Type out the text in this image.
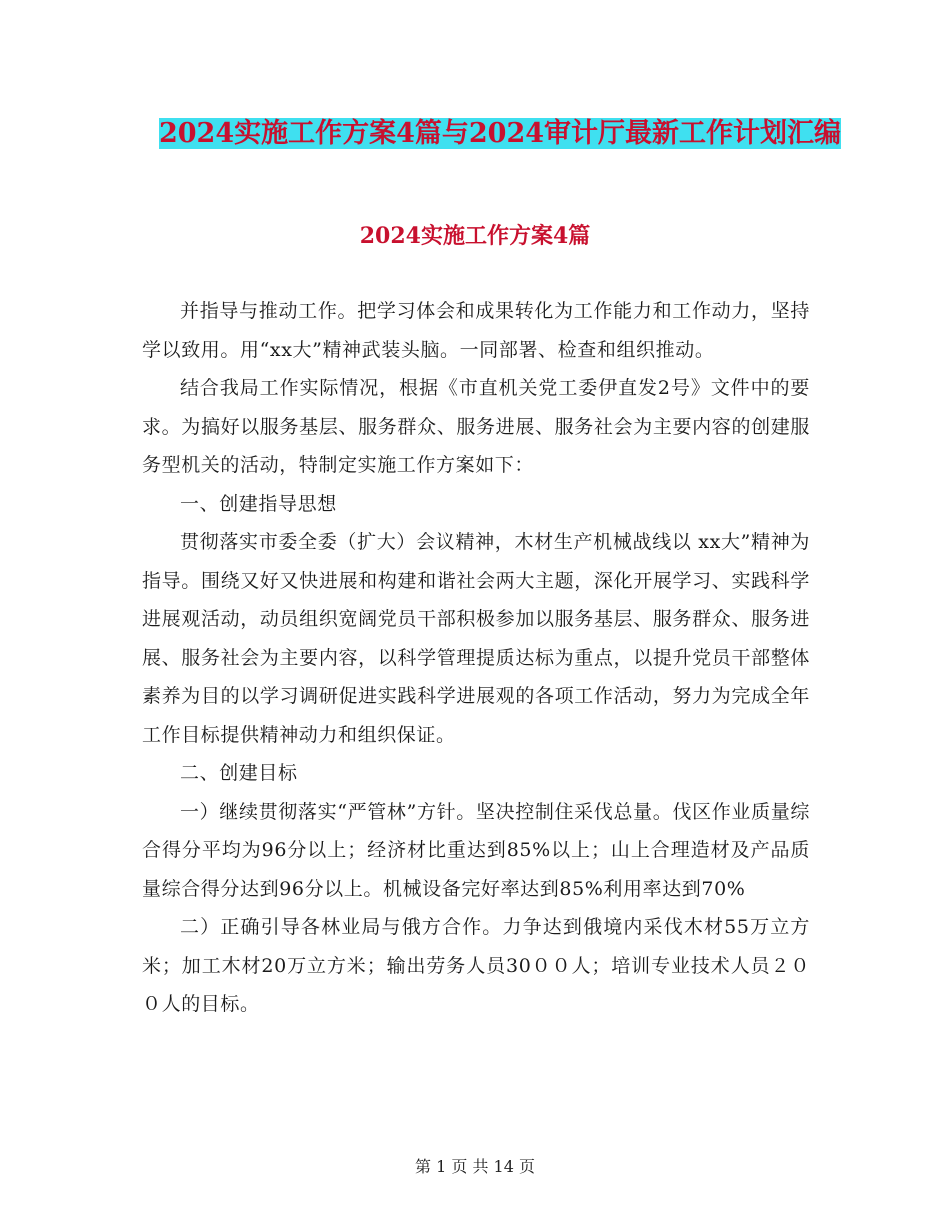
2024实施工作方案4篇与2024审计厅最新工作计划汇编
2024实施工作方案4篇

并指导与推动工作。把学习体会和成果转化为工作能力和工作动力，坚持学以致用。用“xx大”精神武装头脑。一同部署、检查和组织推动。

结合我局工作实际情况，根据《市直机关党工委伊直发2号》文件中的要求。为搞好以服务基层、服务群众、服务进展、服务社会为主要内容的创建服务型机关的活动，特制定实施工作方案如下：

一、创建指导思想

贯彻落实市委全委（扩大）会议精神，木材生产机械战线以 xx大”精神为指导。围绕又好又快进展和构建和谐社会两大主题，深化开展学习、实践科学进展观活动，动员组织宽阔党员干部积极参加以服务基层、服务群众、服务进展、服务社会为主要内容，以科学管理提质达标为重点，以提升党员干部整体素养为目的以学习调研促进实践科学进展观的各项工作活动，努力为完成全年工作目标提供精神动力和组织保证。

二、创建目标

一）继续贯彻落实“严管林”方针。坚决控制住采伐总量。伐区作业质量综合得分平均为96分以上；经济材比重达到85%以上；山上合理造材及产品质量综合得分达到96分以上。机械设备完好率达到85%利用率达到70%

二）正确引导各林业局与俄方合作。力争达到俄境内采伐木材55万立方米；加工木材20万立方米；输出劳务人员30００人；培训专业技术人员２００人的目标。

第 1 页 共 14 页
